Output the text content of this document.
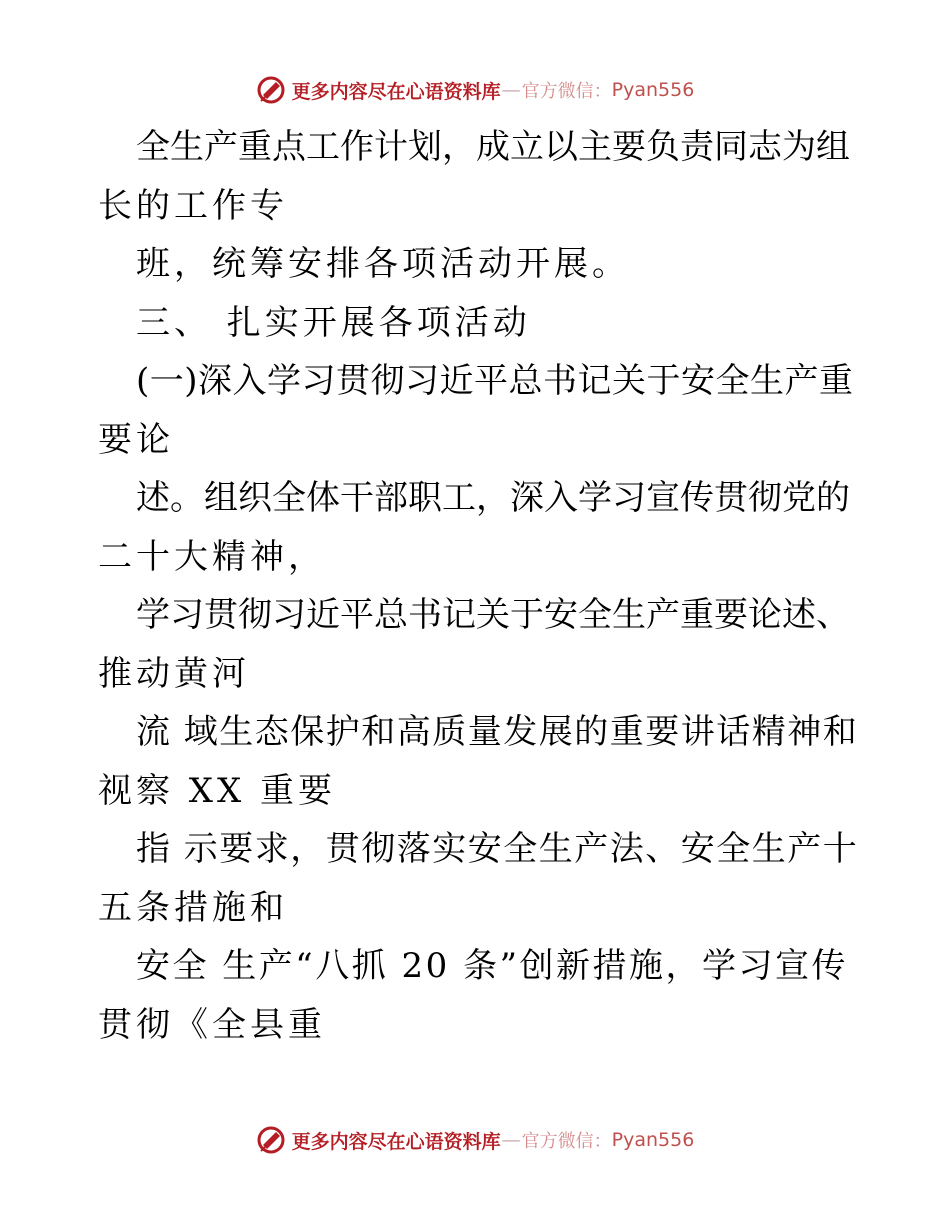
更多内容尽在心语资料库 — 官方微信： Pyan556
全生产重点工作计划，成立以主要负责同志为组
长的工作专
班，统筹安排各项活动开展。
三、 扎实开展各项活动
(一)深入学习贯彻习近平总书记关于安全生产重
要论
述。组织全体干部职工，深入学习宣传贯彻党的
二十大精神，
学习贯彻习近平总书记关于安全生产重要论述、
推动黄河
流 域生态保护和高质量发展的重要讲话精神和
视察 XX 重要
指 示要求，贯彻落实安全生产法、安全生产十
五条措施和
安全 生产“八抓 20 条”创新措施，学习宣传
贯彻《全县重
更多内容尽在心语资料库 — 官方微信： Pyan556
